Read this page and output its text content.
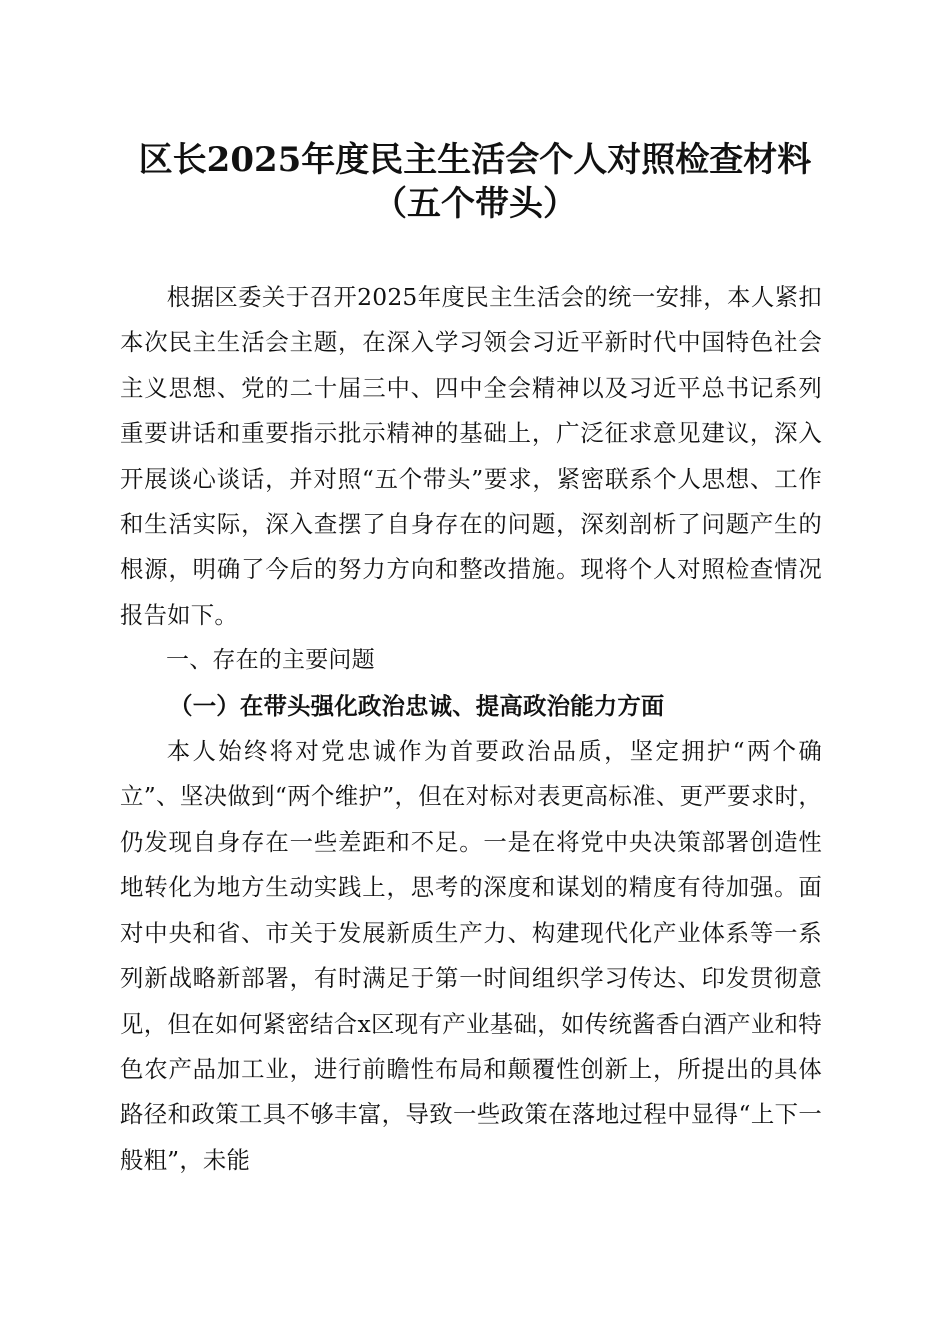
区长2025年度民主生活会个人对照检查材料
（五个带头）

根据区委关于召开2025年度民主生活会的统一安排，本人紧扣本次民主生活会主题，在深入学习领会习近平新时代中国特色社会主义思想、党的二十届三中、四中全会精神以及习近平总书记系列重要讲话和重要指示批示精神的基础上，广泛征求意见建议，深入开展谈心谈话，并对照“五个带头”要求，紧密联系个人思想、工作和生活实际，深入查摆了自身存在的问题，深刻剖析了问题产生的根源，明确了今后的努力方向和整改措施。现将个人对照检查情况报告如下。

一、存在的主要问题

（一）在带头强化政治忠诚、提高政治能力方面

本人始终将对党忠诚作为首要政治品质，坚定拥护“两个确立”、坚决做到“两个维护”，但在对标对表更高标准、更严要求时，仍发现自身存在一些差距和不足。一是在将党中央决策部署创造性地转化为地方生动实践上，思考的深度和谋划的精度有待加强。面对中央和省、市关于发展新质生产力、构建现代化产业体系等一系列新战略新部署，有时满足于第一时间组织学习传达、印发贯彻意见，但在如何紧密结合x区现有产业基础，如传统酱香白酒产业和特色农产品加工业，进行前瞻性布局和颠覆性创新上，所提出的具体路径和政策工具不够丰富，导致一些政策在落地过程中显得“上下一般粗”，未能
